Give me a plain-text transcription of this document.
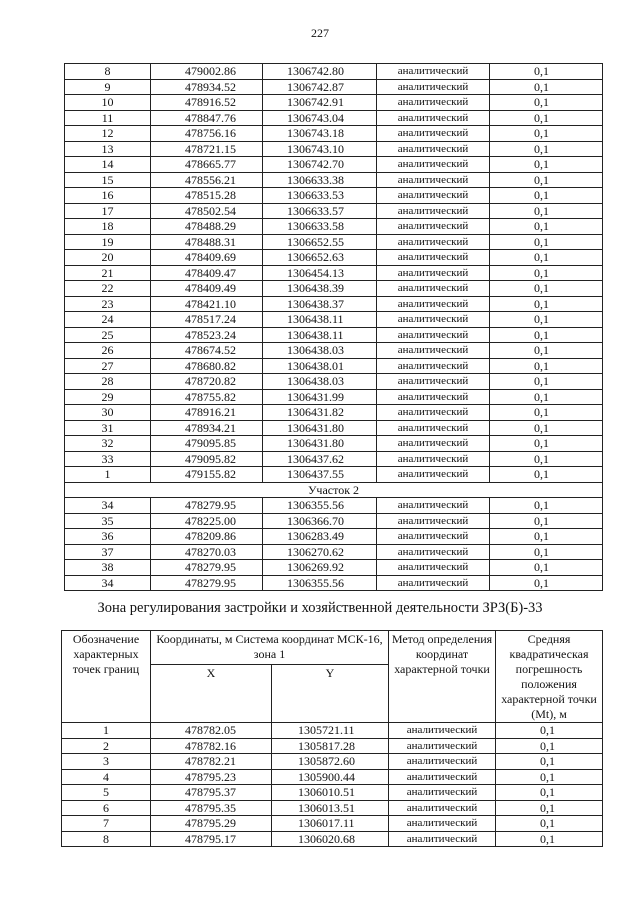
227
8	479002.86	1306742.80	аналитический	0,1
9	478934.52	1306742.87	аналитический	0,1
10	478916.52	1306742.91	аналитический	0,1
11	478847.76	1306743.04	аналитический	0,1
12	478756.16	1306743.18	аналитический	0,1
13	478721.15	1306743.10	аналитический	0,1
14	478665.77	1306742.70	аналитический	0,1
15	478556.21	1306633.38	аналитический	0,1
16	478515.28	1306633.53	аналитический	0,1
17	478502.54	1306633.57	аналитический	0,1
18	478488.29	1306633.58	аналитический	0,1
19	478488.31	1306652.55	аналитический	0,1
20	478409.69	1306652.63	аналитический	0,1
21	478409.47	1306454.13	аналитический	0,1
22	478409.49	1306438.39	аналитический	0,1
23	478421.10	1306438.37	аналитический	0,1
24	478517.24	1306438.11	аналитический	0,1
25	478523.24	1306438.11	аналитический	0,1
26	478674.52	1306438.03	аналитический	0,1
27	478680.82	1306438.01	аналитический	0,1
28	478720.82	1306438.03	аналитический	0,1
29	478755.82	1306431.99	аналитический	0,1
30	478916.21	1306431.82	аналитический	0,1
31	478934.21	1306431.80	аналитический	0,1
32	479095.85	1306431.80	аналитический	0,1
33	479095.82	1306437.62	аналитический	0,1
1	479155.82	1306437.55	аналитический	0,1
Участок 2				
34	478279.95	1306355.56	аналитический	0,1
35	478225.00	1306366.70	аналитический	0,1
36	478209.86	1306283.49	аналитический	0,1
37	478270.03	1306270.62	аналитический	0,1
38	478279.95	1306269.92	аналитический	0,1
34	478279.95	1306355.56	аналитический	0,1
Зона регулирования застройки и хозяйственной деятельности ЗРЗ(Б)-33
Обозначение характерных точек границ	Координаты, м Система координат МСК-16, зона 1		Метод определения координат характерной точки	Средняя квадратическая погрешность положения характерной точки (Mt), м
	X	Y		
1	478782.05	1305721.11	аналитический	0,1
2	478782.16	1305817.28	аналитический	0,1
3	478782.21	1305872.60	аналитический	0,1
4	478795.23	1305900.44	аналитический	0,1
5	478795.37	1306010.51	аналитический	0,1
6	478795.35	1306013.51	аналитический	0,1
7	478795.29	1306017.11	аналитический	0,1
8	478795.17	1306020.68	аналитический	0,1
